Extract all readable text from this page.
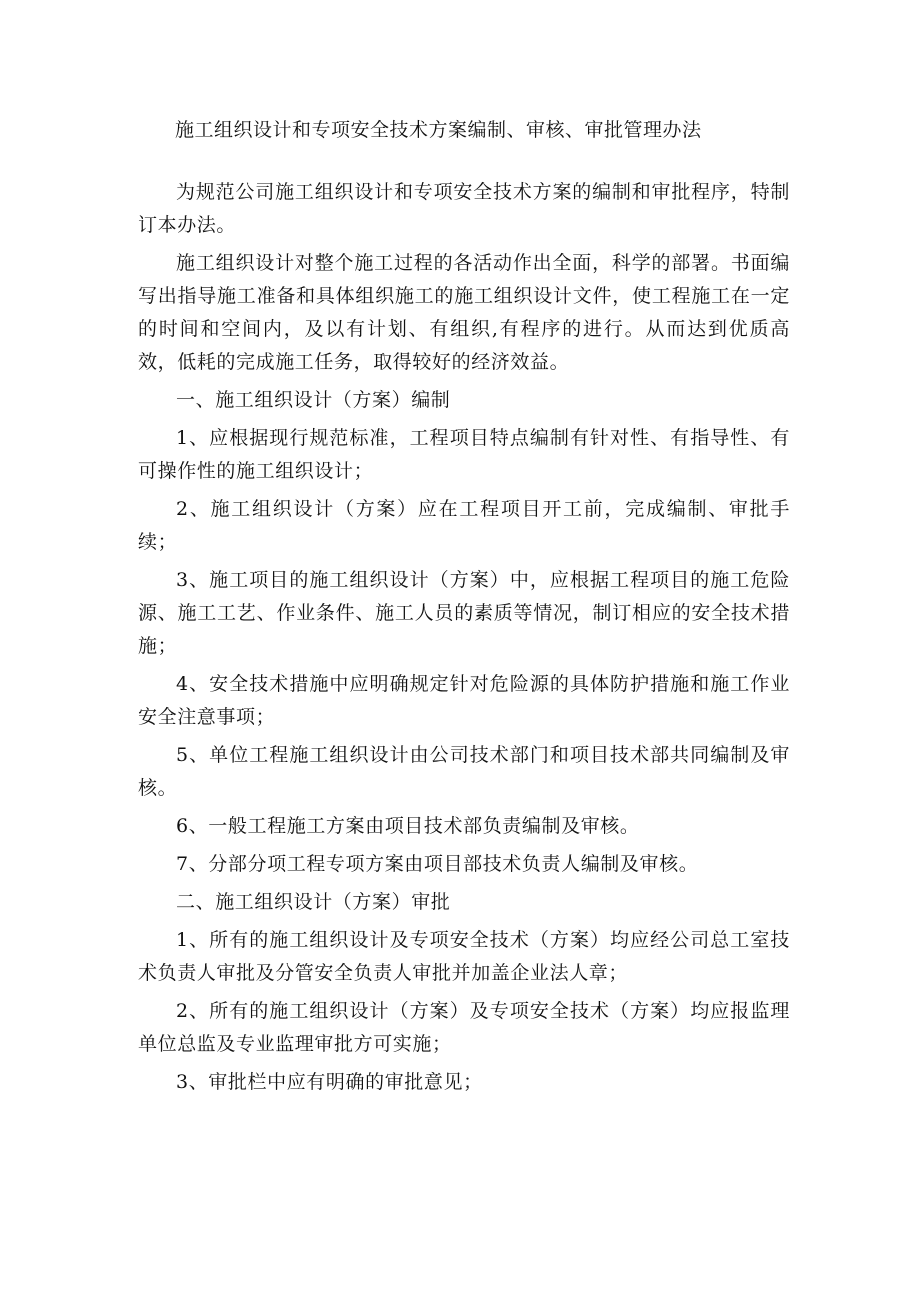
施工组织设计和专项安全技术方案编制、审核、审批管理办法

为规范公司施工组织设计和专项安全技术方案的编制和审批程序，特制订本办法。

施工组织设计对整个施工过程的各活动作出全面，科学的部署。书面编写出指导施工准备和具体组织施工的施工组织设计文件，使工程施工在一定的时间和空间内，及以有计划、有组织,有程序的进行。从而达到优质高效，低耗的完成施工任务，取得较好的经济效益。

一、施工组织设计（方案）编制

1、应根据现行规范标准，工程项目特点编制有针对性、有指导性、有可操作性的施工组织设计；

2、施工组织设计（方案）应在工程项目开工前，完成编制、审批手续；

3、施工项目的施工组织设计（方案）中，应根据工程项目的施工危险源、施工工艺、作业条件、施工人员的素质等情况，制订相应的安全技术措施；

4、安全技术措施中应明确规定针对危险源的具体防护措施和施工作业安全注意事项；

5、单位工程施工组织设计由公司技术部门和项目技术部共同编制及审核。

6、一般工程施工方案由项目技术部负责编制及审核。

7、分部分项工程专项方案由项目部技术负责人编制及审核。

二、施工组织设计（方案）审批

1、所有的施工组织设计及专项安全技术（方案）均应经公司总工室技术负责人审批及分管安全负责人审批并加盖企业法人章；

2、所有的施工组织设计（方案）及专项安全技术（方案）均应报监理单位总监及专业监理审批方可实施；

3、审批栏中应有明确的审批意见；
